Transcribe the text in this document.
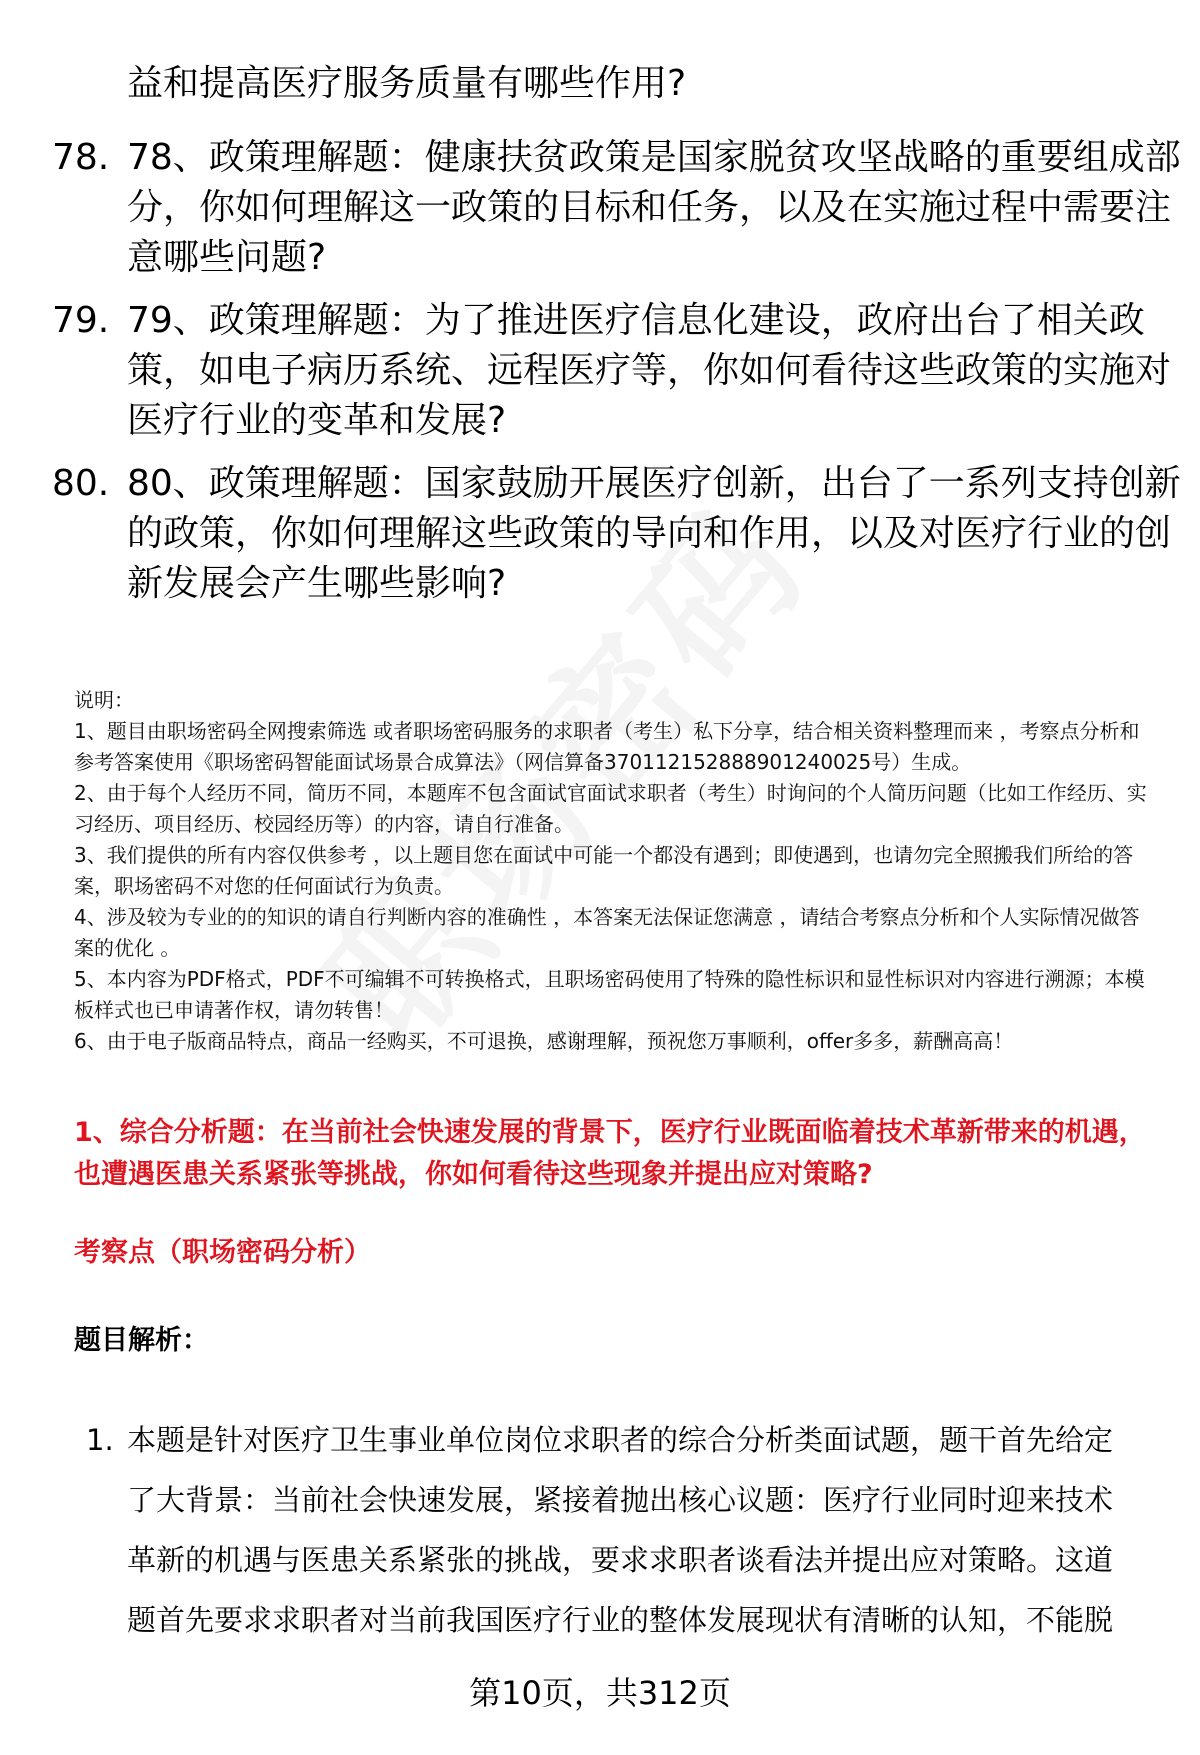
益和提高医疗服务质量有哪些作用?
78. 78、政策理解题：健康扶贫政策是国家脱贫攻坚战略的重要组成部分，你如何理解这一政策的目标和任务，以及在实施过程中需要注意哪些问题?
79. 79、政策理解题：为了推进医疗信息化建设，政府出台了相关政策，如电子病历系统、远程医疗等，你如何看待这些政策的实施对医疗行业的变革和发展?
80. 80、政策理解题：国家鼓励开展医疗创新，出台了一系列支持创新的政策，你如何理解这些政策的导向和作用，以及对医疗行业的创新发展会产生哪些影响?

说明：

1、题目由职场密码全网搜索筛选 或者职场密码服务的求职者（考生）私下分享，结合相关资料整理而来 ，考察点分析和参考答案使用《职场密码智能面试场景合成算法》（网信算备370112152888901240025号）生成。

2、由于每个人经历不同，简历不同，本题库不包含面试官面试求职者（考生）时询问的个人简历问题（比如工作经历、实习经历、项目经历、校园经历等）的内容，请自行准备。

3、我们提供的所有内容仅供参考 ，以上题目您在面试中可能一个都没有遇到；即使遇到，也请勿完全照搬我们所给的答案，职场密码不对您的任何面试行为负责。

4、涉及较为专业的的知识的请自行判断内容的准确性 ，本答案无法保证您满意 ，请结合考察点分析和个人实际情况做答案的优化 。

5、本内容为PDF格式，PDF不可编辑不可转换格式，且职场密码使用了特殊的隐性标识和显性标识对内容进行溯源；本模板样式也已申请著作权，请勿转售！

6、由于电子版商品特点，商品一经购买，不可退换，感谢理解，预祝您万事顺利，offer多多，薪酬高高！

1、综合分析题：在当前社会快速发展的背景下，医疗行业既面临着技术革新带来的机遇，也遭遇医患关系紧张等挑战，你如何看待这些现象并提出应对策略?
考察点（职场密码分析）
题目解析：
1. 本题是针对医疗卫生事业单位岗位求职者的综合分析类面试题，题干首先给定了大背景：当前社会快速发展，紧接着抛出核心议题：医疗行业同时迎来技术革新的机遇与医患关系紧张的挑战，要求求职者谈看法并提出应对策略。这道题首先要求求职者对当前我国医疗行业的整体发展现状有清晰的认知，不能脱
第10页，共312页
